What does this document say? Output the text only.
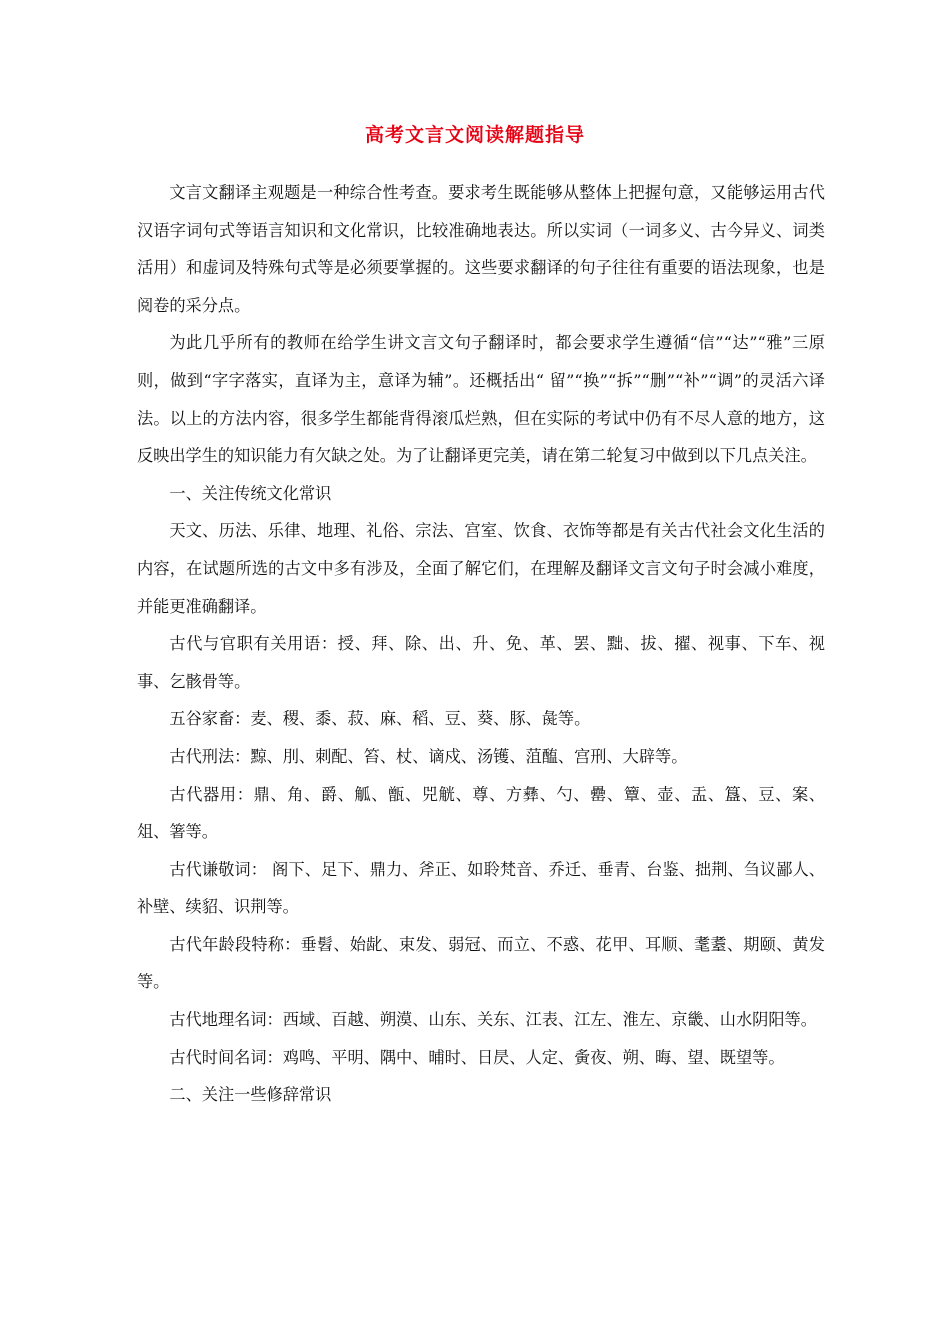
高考文言文阅读解题指导

文言文翻译主观题是一种综合性考查。要求考生既能够从整体上把握句意，又能够运用古代汉语字词句式等语言知识和文化常识，比较准确地表达。所以实词（一词多义、古今异义、词类活用）和虚词及特殊句式等是必须要掌握的。这些要求翻译的句子往往有重要的语法现象，也是阅卷的采分点。

为此几乎所有的教师在给学生讲文言文句子翻译时，都会要求学生遵循“信”“达”“雅”三原则，做到“字字落实，直译为主，意译为辅”。还概括出“ 留”“换”“拆”“删”“补”“调”的灵活六译法。以上的方法内容，很多学生都能背得滚瓜烂熟，但在实际的考试中仍有不尽人意的地方，这反映出学生的知识能力有欠缺之处。为了让翻译更完美，请在第二轮复习中做到以下几点关注。

一、关注传统文化常识

天文、历法、乐律、地理、礼俗、宗法、宫室、饮食、衣饰等都是有关古代社会文化生活的内容，在试题所选的古文中多有涉及，全面了解它们，在理解及翻译文言文句子时会减小难度，并能更准确翻译。

古代与官职有关用语：授、拜、除、出、升、免、革、罢、黜、拔、擢、视事、下车、视事、乞骸骨等。

五谷家畜：麦、稷、黍、菽、麻、稻、豆、葵、豚、彘等。

古代刑法：黥、刖、刺配、笞、杖、谪戍、汤镬、菹醢、宫刑、大辟等。

古代器用：鼎、角、爵、觚、甑、兕觥、尊、方彝、勺、罍、簟、壶、盂、簋、豆、案、俎、箸等。

古代谦敬词： 阁下、足下、鼎力、斧正、如聆梵音、乔迁、垂青、台鉴、拙荆、刍议鄙人、补壁、续貂、识荆等。

古代年龄段特称：垂髫、始龀、束发、弱冠、而立、不惑、花甲、耳顺、耄耋、期颐、黄发等。

古代地理名词：西域、百越、朔漠、山东、关东、江表、江左、淮左、京畿、山水阴阳等。

古代时间名词：鸡鸣、平明、隅中、晡时、日昃、人定、夤夜、朔、晦、望、既望等。

二、关注一些修辞常识
